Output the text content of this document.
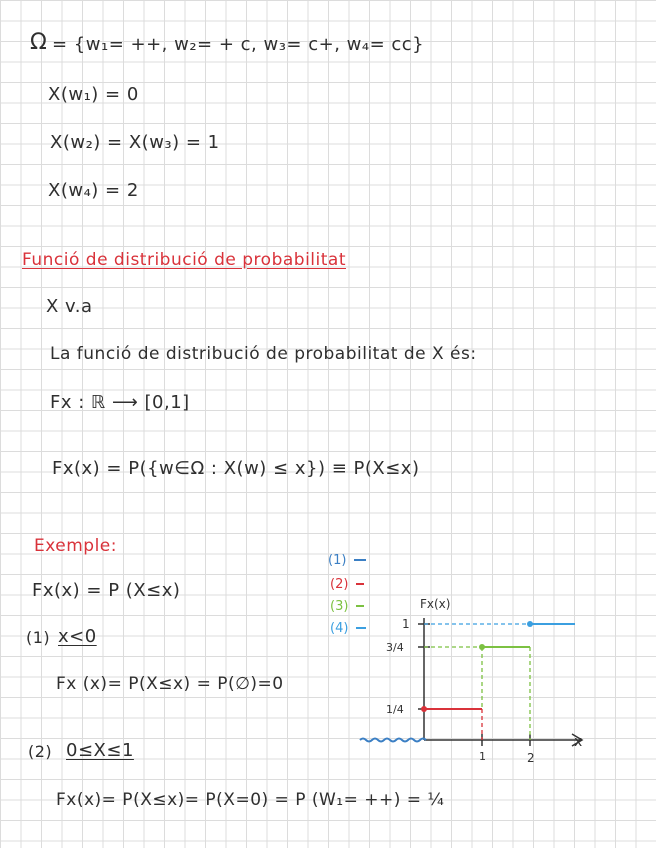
Ω = {w₁= ++, w₂= + c, w₃= c+, w₄= cc}
X(w₁) = 0
X(w₂) = X(w₃) = 1
X(w₄) = 2
Funció de distribució de probabilitat
X v.a
La funció de distribució de probabilitat de X és:
Fx : ℝ ⟶ [0,1]
Fx(x) = P({w∈Ω : X(w) ≤ x}) ≡ P(X≤x)
Exemple:
Fx(x) = P (X≤x)
(1) x<0
Fx (x)= P(X≤x) = P(∅)=0
(2) 0≤X≤1
Fx(x)= P(X≤x)= P(X=0) = P (W₁= ++) = ¼
(1)
(2)
(3)
(4)
Fx(x)
x
1
3/4
1/4
1	2
